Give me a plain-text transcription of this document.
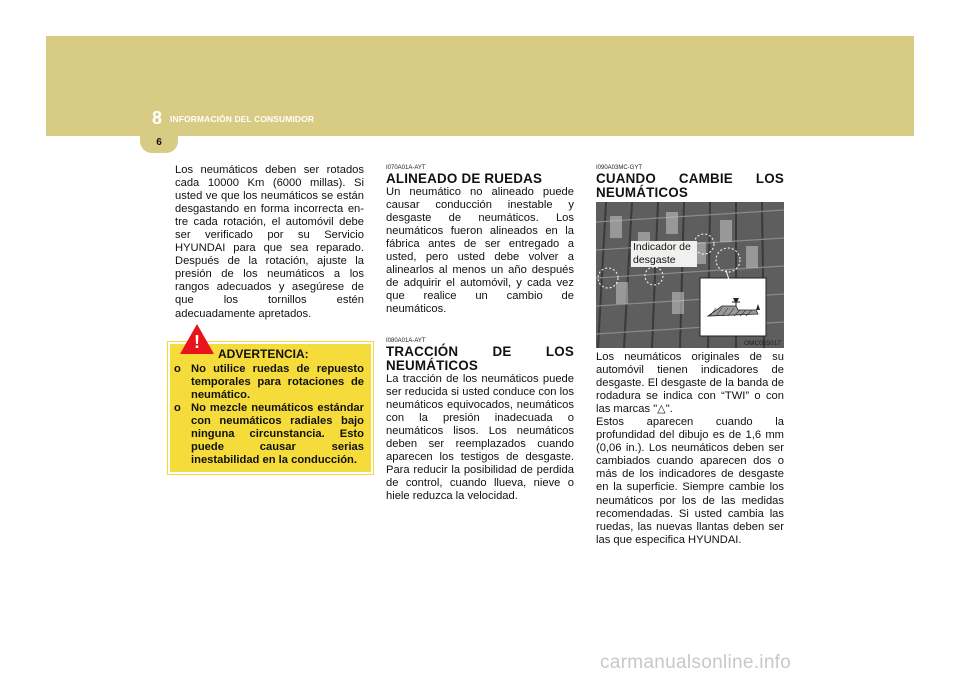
8 INFORMACIÓN DEL CONSUMIDOR
6

Los neumáticos deben ser rotados cada 10000 Km (6000 millas). Si usted ve que los neumáticos se están desgastando en forma incorrecta en-tre cada rotación, el automóvil debe ser verificado por su Servicio HYUNDAI para que sea reparado. Después de la rotación, ajuste la presión de los neumáticos a los rangos adecuados y asegúrese de que los tornillos estén adecuadamente apretados.

!
ADVERTENCIA:

o No utilice ruedas de repuesto temporales para rotaciones de neumático.

o No mezcle neumáticos estándar con neumáticos radiales bajo ninguna circunstancia. Esto puede causar serias inestabilidad en la conducción.

I070A01A-AYT

ALINEADO DE RUEDAS

Un neumático no alineado puede causar conducción inestable y desgaste de neumáticos. Los neumáticos fueron alineados en la fábrica antes de ser entregado a usted, pero usted debe volver a alinearlos al menos un año después de adquirir el automóvil, y cada vez que realice un cambio de neumáticos.

I080A01A-AYT

TRACCIÓN DE LOS NEUMÁTICOS

La tracción de los neumáticos puede ser reducida si usted conduce con los neumáticos equivocados, neumáticos con la presión inadecuada o neumáticos lisos. Los neumáticos deben ser reemplazados cuando aparecen los testigos de desgaste. Para reducir la posibilidad de perdida de control, cuando llueva, nieve o hiele reduzca la velocidad.

I090A03MC-GYT

CUANDO CAMBIE LOS NEUMÁTICOS

Indicador de desgaste
OMC055017

Los neumáticos originales de su automóvil tienen indicadores de desgaste. El desgaste de la banda de rodadura se indica con “TWI” o con las marcas "△".

Estos aparecen cuando la profundidad del dibujo es de 1,6 mm (0,06 in.). Los neumáticos deben ser cambiados cuando aparecen dos o más de los indicadores de desgaste en la superficie. Siempre cambie los neumáticos por los de las medidas recomendadas. Si usted cambia las ruedas, las nuevas llantas deben ser las que especifica HYUNDAI.

carmanualsonline.info
